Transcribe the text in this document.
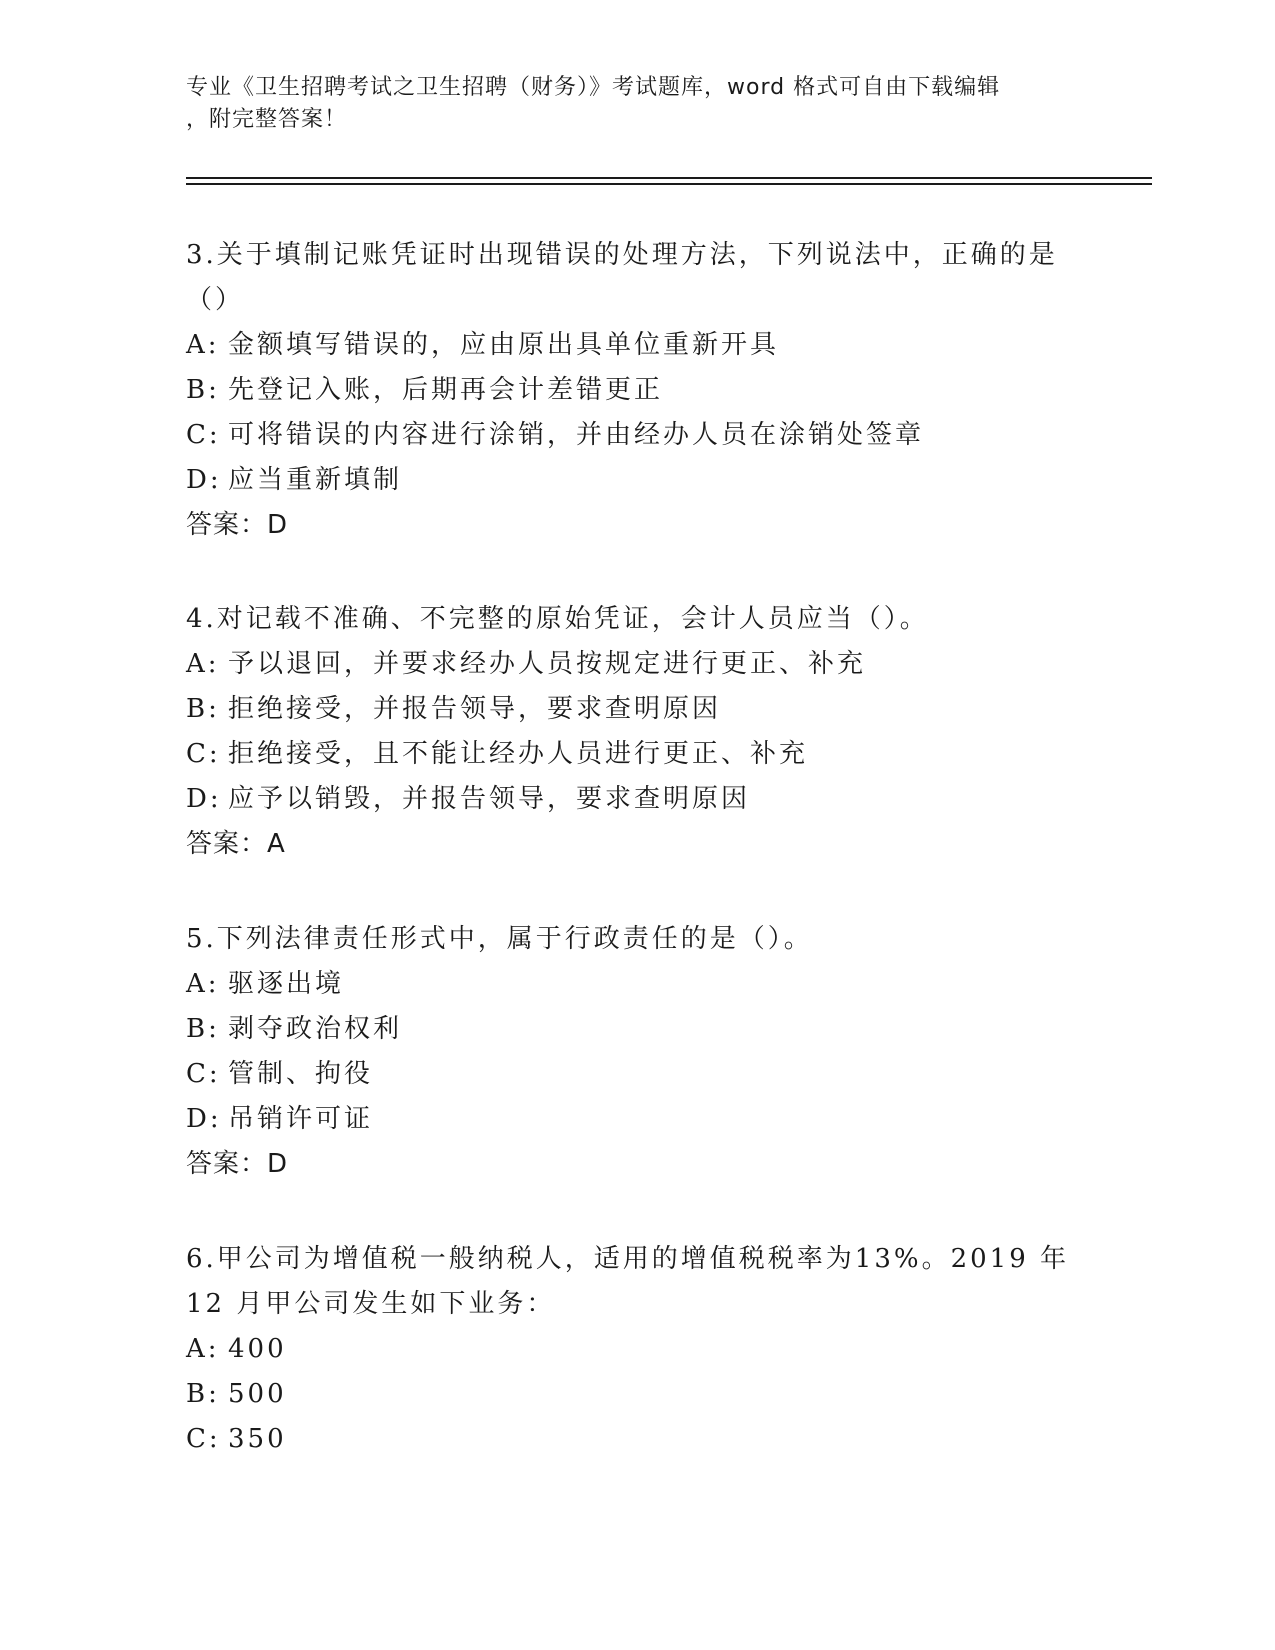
专业《卫生招聘考试之卫生招聘（财务）》考试题库，word 格式可自由下载编辑
，附完整答案！

3.关于填制记账凭证时出现错误的处理方法，下列说法中，正确的是（）

A: 金额填写错误的，应由原出具单位重新开具
B: 先登记入账，后期再会计差错更正
C: 可将错误的内容进行涂销，并由经办人员在涂销处签章
D: 应当重新填制

答案：D

4.对记载不准确、不完整的原始凭证，会计人员应当（）。

A: 予以退回，并要求经办人员按规定进行更正、补充
B: 拒绝接受，并报告领导，要求查明原因
C: 拒绝接受，且不能让经办人员进行更正、补充
D: 应予以销毁，并报告领导，要求查明原因

答案：A

5.下列法律责任形式中，属于行政责任的是（）。

A: 驱逐出境
B: 剥夺政治权利
C: 管制、拘役
D: 吊销许可证

答案：D

6.甲公司为增值税一般纳税人，适用的增值税税率为13%。2019 年 12 月甲公司发生如下业务：

A: 400
B: 500
C: 350
